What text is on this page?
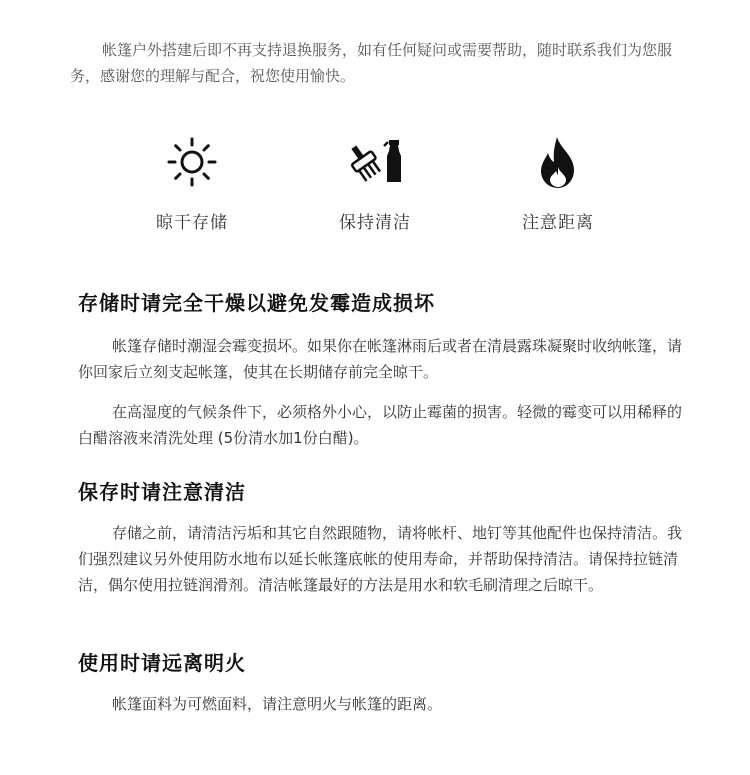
帐篷户外搭建后即不再支持退换服务，如有任何疑问或需要帮助，随时联系我们为您服务，感谢您的理解与配合，祝您使用愉快。

晾干存储	保持清洁	注意距离
存储时请完全干燥以避免发霉造成损坏

帐篷存储时潮湿会霉变损坏。如果你在帐篷淋雨后或者在清晨露珠凝聚时收纳帐篷，请你回家后立刻支起帐篷，使其在长期储存前完全晾干。

在高湿度的气候条件下，必须格外小心，以防止霉菌的损害。轻微的霉变可以用稀释的白醋溶液来清洗处理 (5份清水加1份白醋)。

保存时请注意清洁

存储之前，请清洁污垢和其它自然跟随物，请将帐杆、地钉等其他配件也保持清洁。我们强烈建议另外使用防水地布以延长帐篷底帐的使用寿命，并帮助保持清洁。请保持拉链清洁，偶尔使用拉链润滑剂。清洁帐篷最好的方法是用水和软毛刷清理之后晾干。

使用时请远离明火

帐篷面料为可燃面料，请注意明火与帐篷的距离。
